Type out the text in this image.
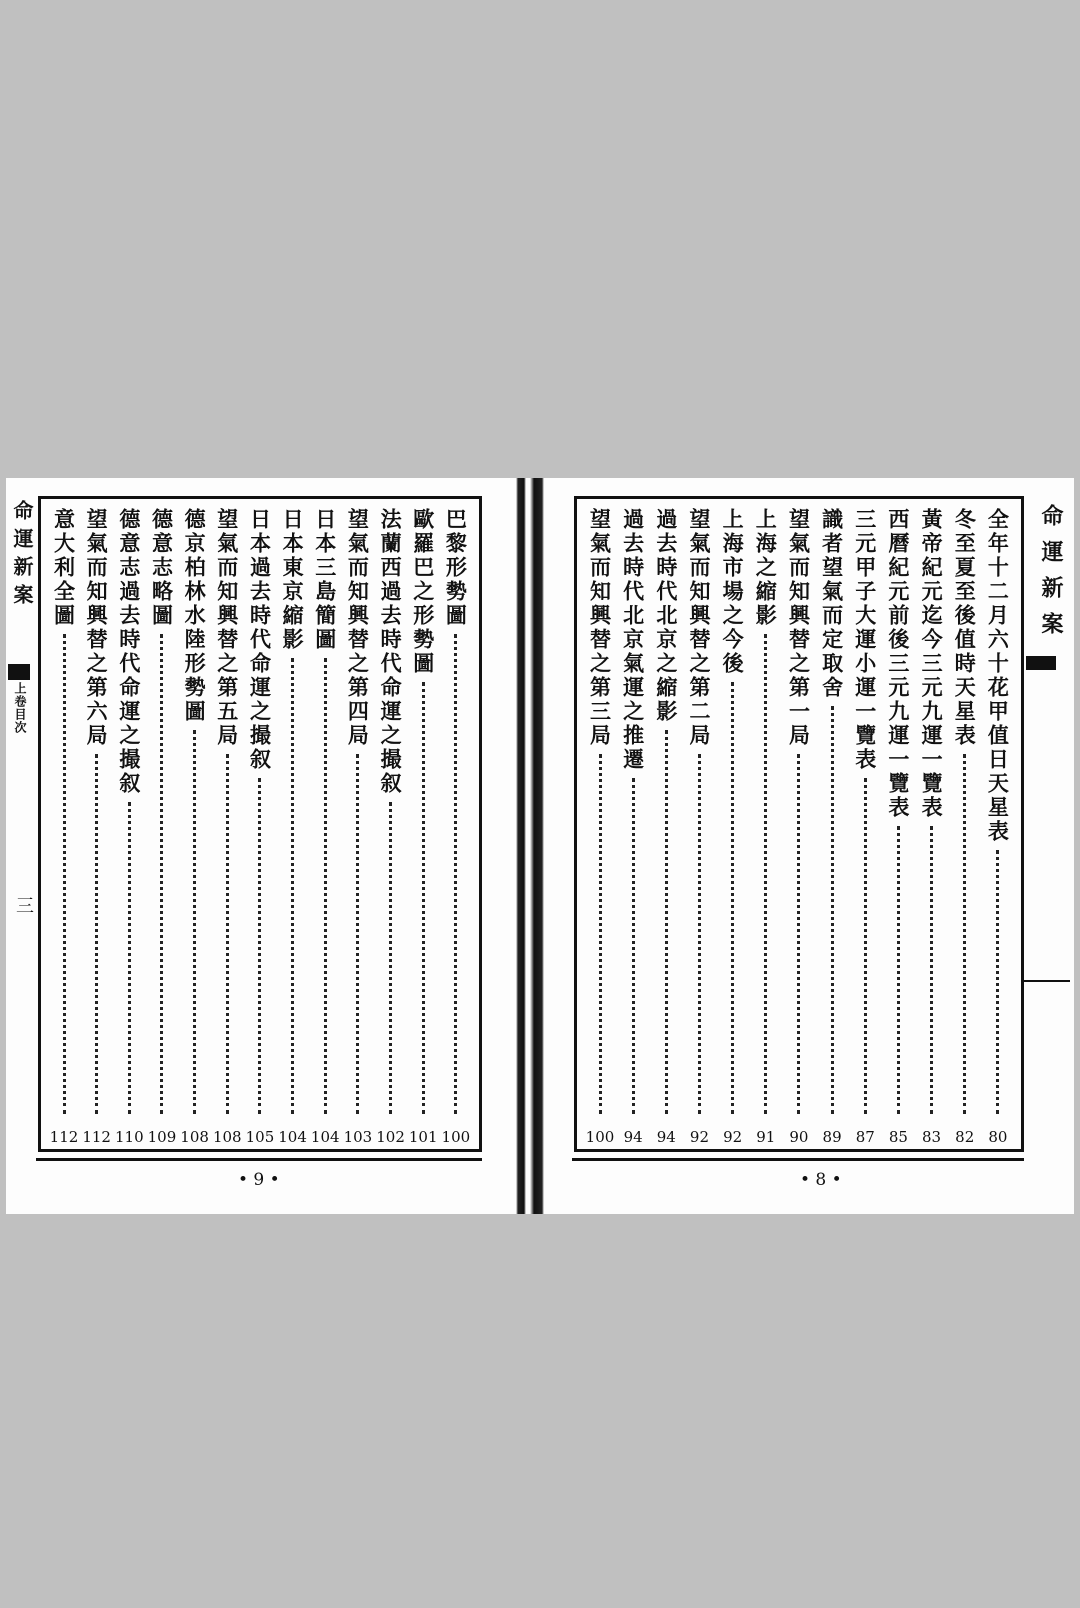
命運新案
上卷目次
三
巴黎形勢圖
100
歐羅巴之形勢圖
101
法蘭西過去時代命運之撮叙
102
望氣而知興替之第四局
103
日本三島簡圖
104
日本東京縮影
104
日本過去時代命運之撮叙
105
望氣而知興替之第五局
108
德京柏林水陸形勢圖
108
德意志略圖
109
德意志過去時代命運之撮叙
110
望氣而知興替之第六局
112
意大利全圖
112
• 9 •
全年十二月六十花甲值日天星表
80
冬至夏至後值時天星表
82
黃帝紀元迄今三元九運一覽表
83
西曆紀元前後三元九運一覽表
85
三元甲子大運小運一覽表
87
識者望氣而定取舍
89
望氣而知興替之第一局
90
上海之縮影
91
上海市場之今後
92
望氣而知興替之第二局
92
過去時代北京之縮影
94
過去時代北京氣運之推遷
94
望氣而知興替之第三局
100
命運新案
• 8 •
